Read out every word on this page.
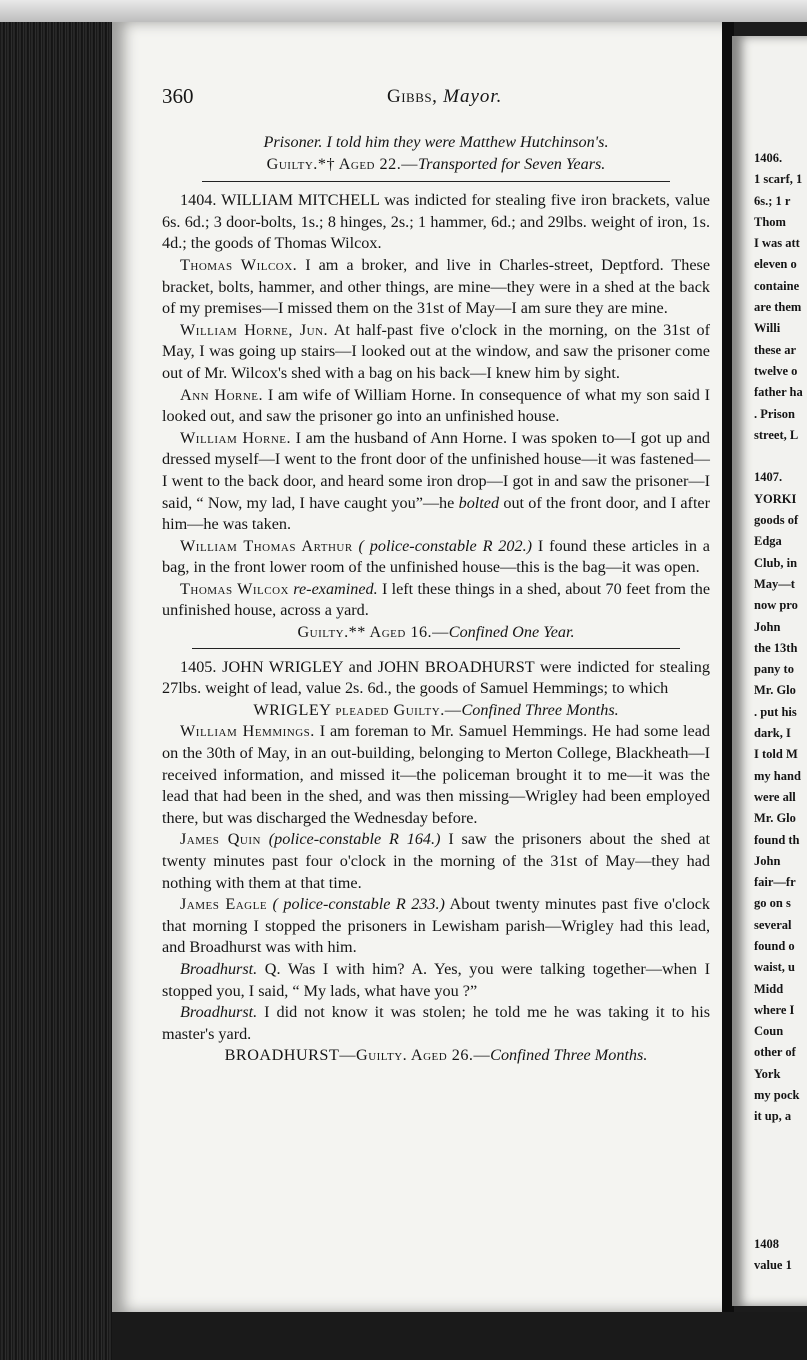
360	Gibbs, Mayor.

Prisoner. I told him they were Matthew Hutchinson's.

Guilty.*† Aged 22.—Transported for Seven Years.

1404. WILLIAM MITCHELL was indicted for stealing five iron brackets, value 6s. 6d.; 3 door-bolts, 1s.; 8 hinges, 2s.; 1 hammer, 6d.; and 29lbs. weight of iron, 1s. 4d.; the goods of Thomas Wilcox.

Thomas Wilcox. I am a broker, and live in Charles-street, Deptford. These bracket, bolts, hammer, and other things, are mine—they were in a shed at the back of my premises—I missed them on the 31st of May—I am sure they are mine.

William Horne, Jun. At half-past five o'clock in the morning, on the 31st of May, I was going up stairs—I looked out at the window, and saw the prisoner come out of Mr. Wilcox's shed with a bag on his back—I knew him by sight.

Ann Horne. I am wife of William Horne. In consequence of what my son said I looked out, and saw the prisoner go into an unfinished house.

William Horne. I am the husband of Ann Horne. I was spoken to—I got up and dressed myself—I went to the front door of the unfinished house—it was fastened—I went to the back door, and heard some iron drop—I got in and saw the prisoner—I said, “ Now, my lad, I have caught you”—he bolted out of the front door, and I after him—he was taken.

William Thomas Arthur ( police-constable R 202.) I found these articles in a bag, in the front lower room of the unfinished house—this is the bag—it was open.

Thomas Wilcox re-examined. I left these things in a shed, about 70 feet from the unfinished house, across a yard.

Guilty.** Aged 16.—Confined One Year.

1405. JOHN WRIGLEY and JOHN BROADHURST were indicted for stealing 27lbs. weight of lead, value 2s. 6d., the goods of Samuel Hemmings; to which

WRIGLEY pleaded Guilty.—Confined Three Months.

William Hemmings. I am foreman to Mr. Samuel Hemmings. He had some lead on the 30th of May, in an out-building, belonging to Merton College, Blackheath—I received information, and missed it—the policeman brought it to me—it was the lead that had been in the shed, and was then missing—Wrigley had been employed there, but was discharged the Wednesday before.

James Quin (police-constable R 164.) I saw the prisoners about the shed at twenty minutes past four o'clock in the morning of the 31st of May—they had nothing with them at that time.

James Eagle ( police-constable R 233.) About twenty minutes past five o'clock that morning I stopped the prisoners in Lewisham parish—Wrigley had this lead, and Broadhurst was with him.

Broadhurst. Q. Was I with him? A. Yes, you were talking together—when I stopped you, I said, “ My lads, what have you ?”

Broadhurst. I did not know it was stolen; he told me he was taking it to his master's yard.

BROADHURST—Guilty. Aged 26.—Confined Three Months.

1406.
1 scarf, 1
6s.; 1 r
Thom
I was att
eleven o
containe
are them
Willi
these ar
twelve o
father ha
. Prison
street, L
1407.
YORKI
goods of
Edga
Club, in
May—t
now pro
John
the 13th
pany to
Mr. Glo
. put his
dark, I
I told M
my hand
were all
Mr. Glo
found th
John
fair—fr
go on s
several
found o
waist, u
Midd
where I
Coun
other of
York
my pock
it up, a
1408
value 1
